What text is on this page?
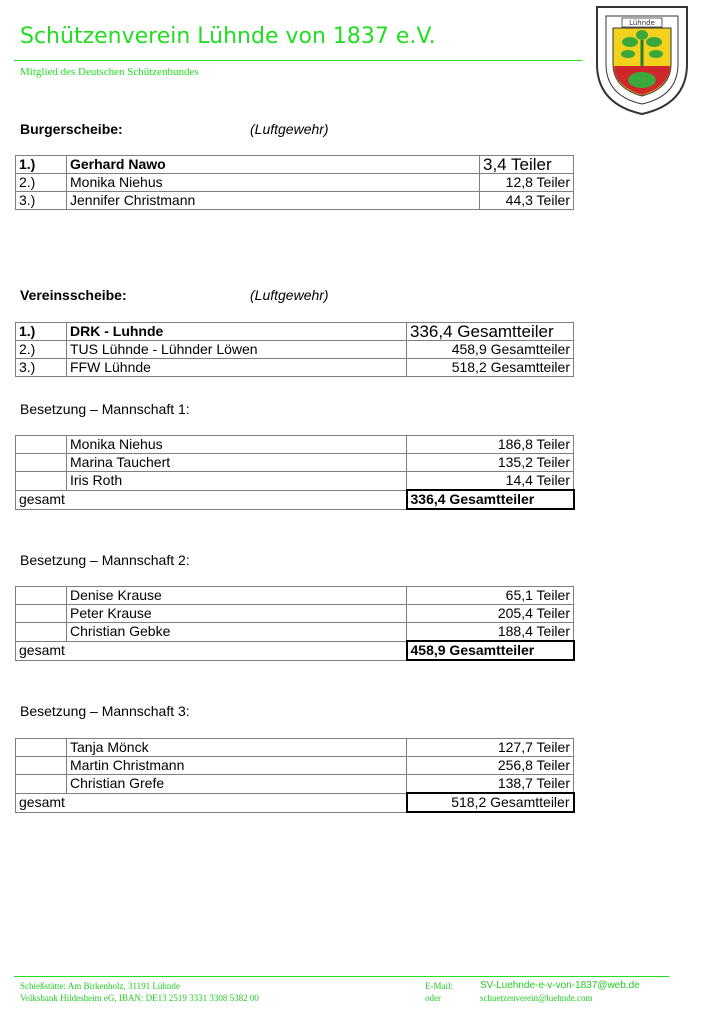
Schützenverein Lühnde von 1837 e.V.
Mitglied des Deutschen Schützenbundes
Lühnde
Burgerscheibe:	(Luftgewehr)
1.)	Gerhard Nawo	3,4 Teiler
2.)	Monika Niehus	12,8 Teiler
3.)	Jennifer Christmann	44,3 Teiler
Vereinsscheibe:	(Luftgewehr)
1.)	DRK - Luhnde	336,4 Gesamtteiler
2.)	TUS Lühnde - Lühnder Löwen	458,9 Gesamtteiler
3.)	FFW Lühnde	518,2 Gesamtteiler
Besetzung – Mannschaft 1:
	Monika Niehus	186,8 Teiler
	Marina Tauchert	135,2 Teiler
	Iris Roth	14,4 Teiler
gesamt		336,4 Gesamtteiler
Besetzung – Mannschaft 2:
	Denise Krause	65,1 Teiler
	Peter Krause	205,4 Teiler
	Christian Gebke	188,4 Teiler
gesamt		458,9 Gesamtteiler
Besetzung – Mannschaft 3:
	Tanja Mönck	127,7 Teiler
	Martin Christmann	256,8 Teiler
	Christian Grefe	138,7 Teiler
gesamt		518,2 Gesamtteiler
Schießstätte: Am Birkenholz, 31191 Lühnde
Volksbank Hildesheim eG, IBAN: DE13 2519 3331 3308 5382 00
E-Mail:
oder
SV-Luehnde-e-v-von-1837@web.de
schuetzenverein@luehnde.com
